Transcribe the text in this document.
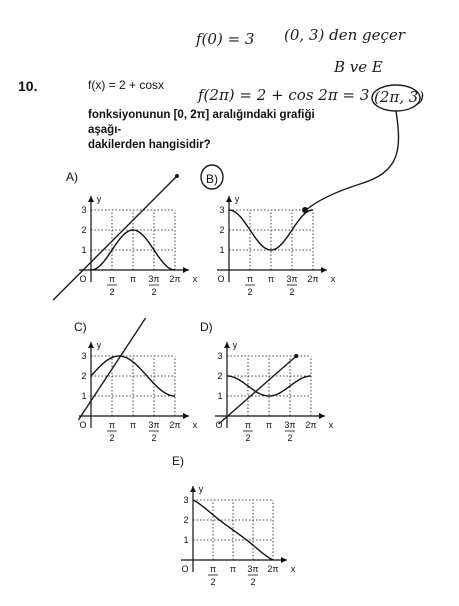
10.	f(x) = 2 + cosx
fonksiyonunun [0, 2π] aralığındaki grafiği aşağı-
dakilerden hangisidir?
f(0) = 3 (0, 3) den geçer
B ve E
f(2π) = 2 + cos 2π = 3 (2π, 3)
A)	B)
C)	D)
E)
y
x
O
1
2
3
π
2
π 3π
2
2π
y
x
O
1
2
3
π
2
π 3π
2
2π
y
x
O
1
2
3
π
2
π 3π
2
2π
y
x
O
1
2
3
π
2
π 3π
2
2π
y
x
O
1
2
3
π
2
π 3π
2
2π
